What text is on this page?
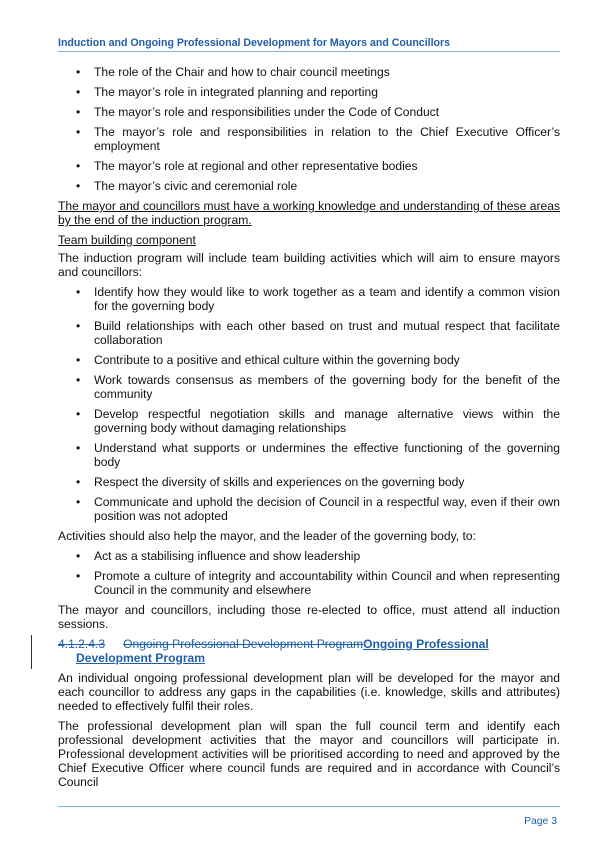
Induction and Ongoing Professional Development for Mayors and Councillors
• The role of the Chair and how to chair council meetings
• The mayor’s role in integrated planning and reporting
• The mayor’s role and responsibilities under the Code of Conduct
• The mayor’s role and responsibilities in relation to the Chief Executive Officer’s employment
• The mayor’s role at regional and other representative bodies
• The mayor’s civic and ceremonial role

The mayor and councillors must have a working knowledge and understanding of these areas by the end of the induction program.

Team building component

The induction program will include team building activities which will aim to ensure mayors and councillors:

• Identify how they would like to work together as a team and identify a common vision for the governing body
• Build relationships with each other based on trust and mutual respect that facilitate collaboration
• Contribute to a positive and ethical culture within the governing body
• Work towards consensus as members of the governing body for the benefit of the community
• Develop respectful negotiation skills and manage alternative views within the governing body without damaging relationships
• Understand what supports or undermines the effective functioning of the governing body
• Respect the diversity of skills and experiences on the governing body
• Communicate and uphold the decision of Council in a respectful way, even if their own position was not adopted

Activities should also help the mayor, and the leader of the governing body, to:

• Act as a stabilising influence and show leadership
• Promote a culture of integrity and accountability within Council and when representing Council in the community and elsewhere

The mayor and councillors, including those re-elected to office, must attend all induction sessions.

4.1.2.4.3 Ongoing Professional Development ProgramOngoing Professional
Development Program

An individual ongoing professional development plan will be developed for the mayor and each councillor to address any gaps in the capabilities (i.e. knowledge, skills and attributes) needed to effectively fulfil their roles.

The professional development plan will span the full council term and identify each professional development activities that the mayor and councillors will participate in. Professional development activities will be prioritised according to need and approved by the Chief Executive Officer where council funds are required and in accordance with Council’s Council

Page 3
